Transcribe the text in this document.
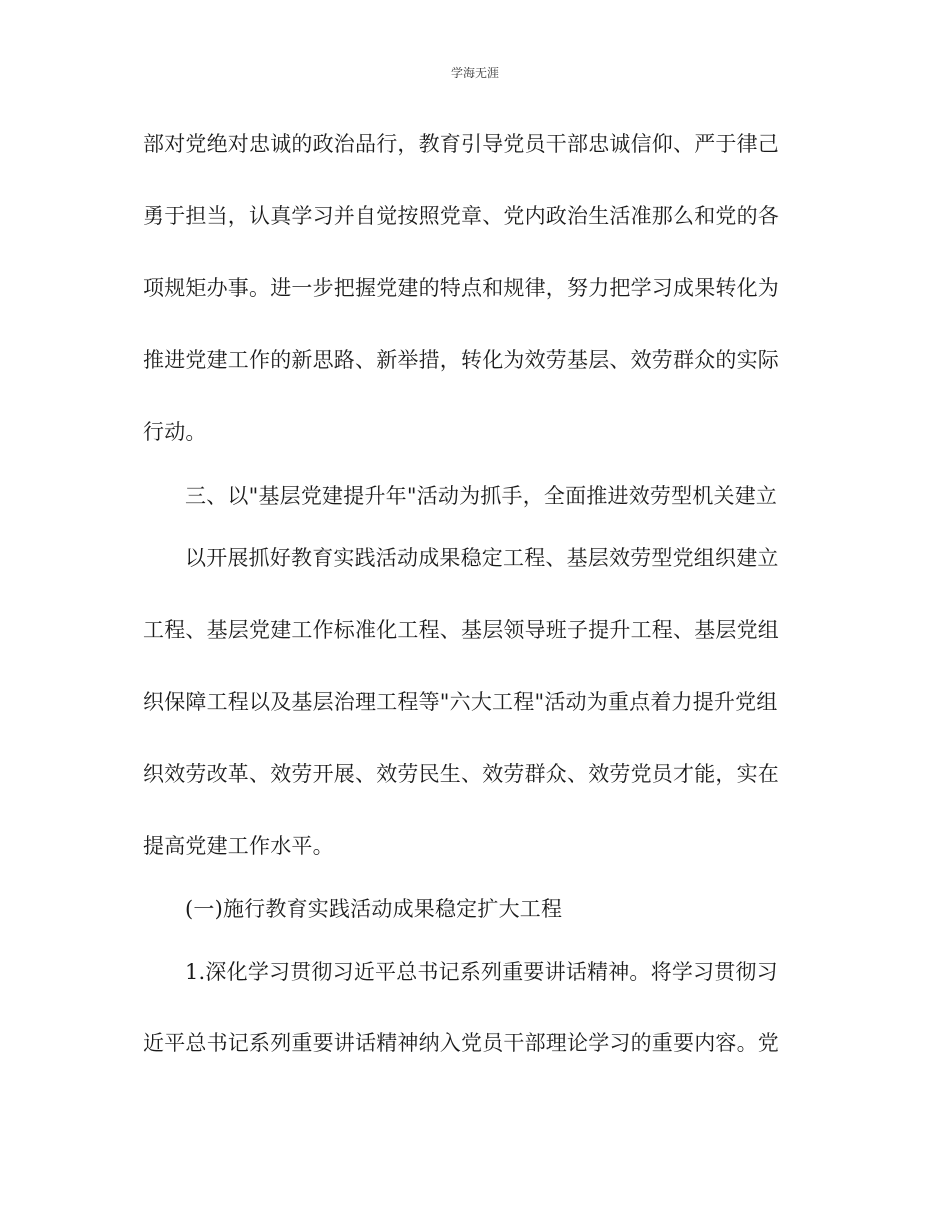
学海无涯
部对党绝对忠诚的政治品行，教育引导党员干部忠诚信仰、严于律己
勇于担当，认真学习并自觉按照党章、党内政治生活准那么和党的各
项规矩办事。进一步把握党建的特点和规律，努力把学习成果转化为
推进党建工作的新思路、新举措，转化为效劳基层、效劳群众的实际
行动。
三、以"基层党建提升年"活动为抓手，全面推进效劳型机关建立
以开展抓好教育实践活动成果稳定工程、基层效劳型党组织建立
工程、基层党建工作标准化工程、基层领导班子提升工程、基层党组
织保障工程以及基层治理工程等"六大工程"活动为重点着力提升党组
织效劳改革、效劳开展、效劳民生、效劳群众、效劳党员才能，实在
提高党建工作水平。
(一)施行教育实践活动成果稳定扩大工程
1.深化学习贯彻习近平总书记系列重要讲话精神。将学习贯彻习
近平总书记系列重要讲话精神纳入党员干部理论学习的重要内容。党
